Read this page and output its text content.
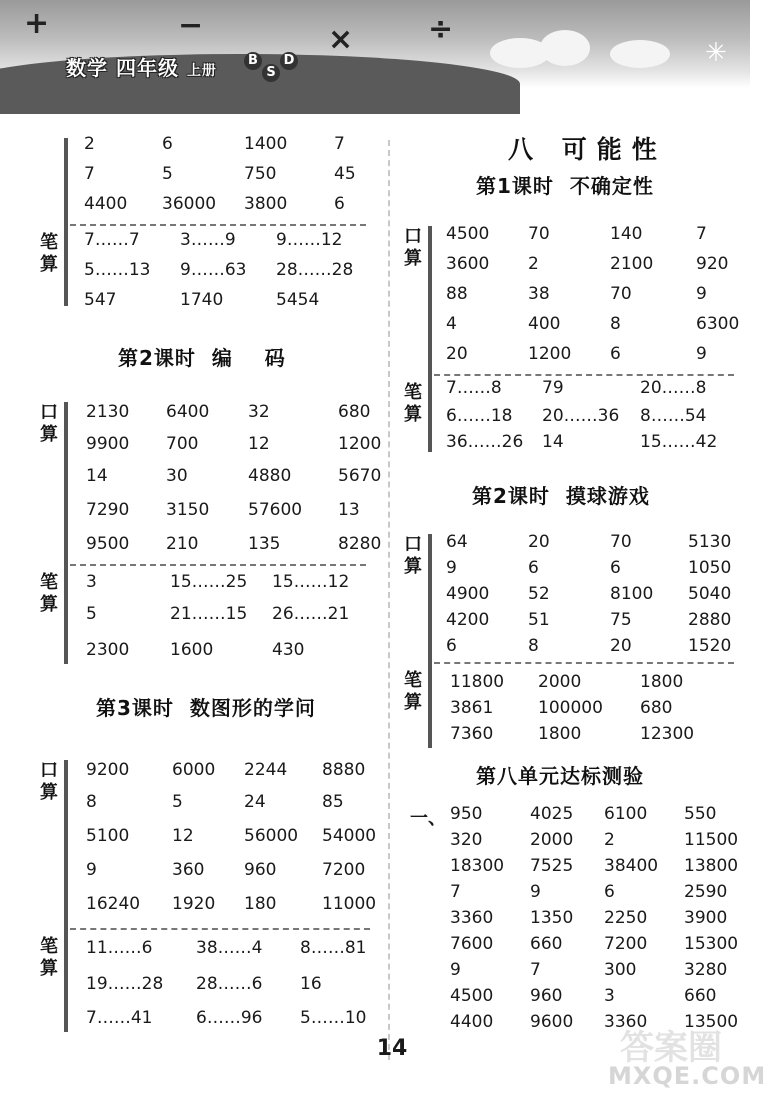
+	−	× ÷
数学 四年级 上册
B
S
D	✳
笔
算
2	6	1400	7
7	5	750	45
4400 36000 3800	6
7……7 3……9 9……12
5……13 9……63 28……28
547	1740	5454
第2课时  编    码
口
算
笔
算
2130 6400 32	680
9900 700	12	1200
14	30	4880	5670
7290 3150 57600 13
9500 210	135	8280
3	15……25 15……12
5	21……15 26……21
2300 1600	430
第3课时  数图形的学问
口
算
笔
算
9200	6000 2244 8880
8	5	24	85
5100	12	56000 54000
9	360 960	7200
16240 1920 180	11000
11……6	38……4 8……81
19……28 28……6 16
7……41	6……96 5……10
八 可能性
第1课时  不确定性
口
算
笔
算
4500 70	140	7
3600 2	2100	920
88	38	70	9
4	400	8	6300
20	1200 6	9
7……8 79	20……8
6……18 20……36 8……54
36……26 14	15……42
第2课时  摸球游戏
口
算
笔
算
64	20	70	5130
9	6	6	1050
4900 52	8100 5040
4200 51	75	2880
6	8	20	1520
11800 2000	1800
3861	100000 680
7360	1800	12300
第八单元达标测验
一、 950	4025 6100 550
320	2000 2	11500
18300 7525 38400 13800
7	9	6	2590
3360 1350 2250 3900
7600 660 7200 15300
9	7	300	3280
4500 960 3	660
4400 9600 3360 13500
14	答案圈
MXQE.COM
